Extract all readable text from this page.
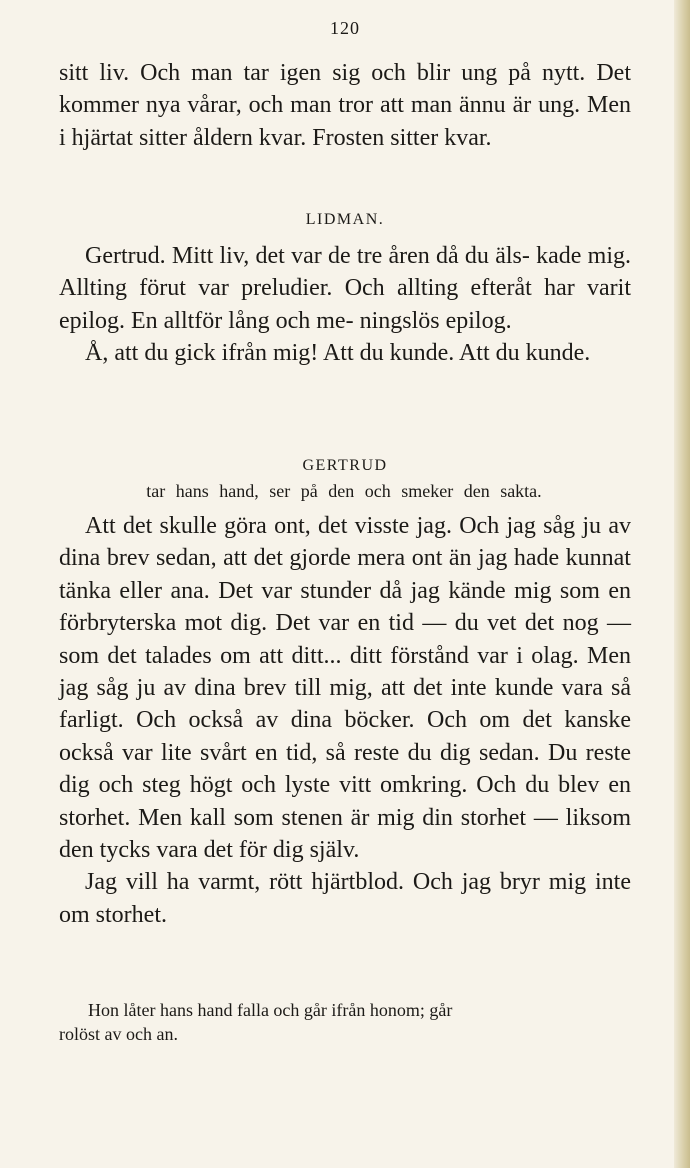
120

sitt liv. Och man tar igen sig och blir ung på nytt. Det kommer nya vårar, och man tror att man ännu är ung. Men i hjärtat sitter åldern kvar. Frosten sitter kvar.

LIDMAN.

Gertrud. Mitt liv, det var de tre åren då du äls- kade mig. Allting förut var preludier. Och allting efteråt har varit epilog. En alltför lång och me- ningslös epilog.

Å, att du gick ifrån mig! Att du kunde. Att du kunde.

GERTRUD
tar hans hand, ser på den och smeker den sakta.

Att det skulle göra ont, det visste jag. Och jag såg ju av dina brev sedan, att det gjorde mera ont än jag hade kunnat tänka eller ana. Det var stunder då jag kände mig som en förbryterska mot dig. Det var en tid — du vet det nog — som det talades om att ditt... ditt förstånd var i olag. Men jag såg ju av dina brev till mig, att det inte kunde vara så farligt. Och också av dina böcker. Och om det kanske också var lite svårt en tid, så reste du dig sedan. Du reste dig och steg högt och lyste vitt omkring. Och du blev en storhet. Men kall som stenen är mig din storhet — liksom den tycks vara det för dig själv.

Jag vill ha varmt, rött hjärtblod. Och jag bryr mig inte om storhet.

Hon låter hans hand falla och går ifrån honom; går

rolöst av och an.
